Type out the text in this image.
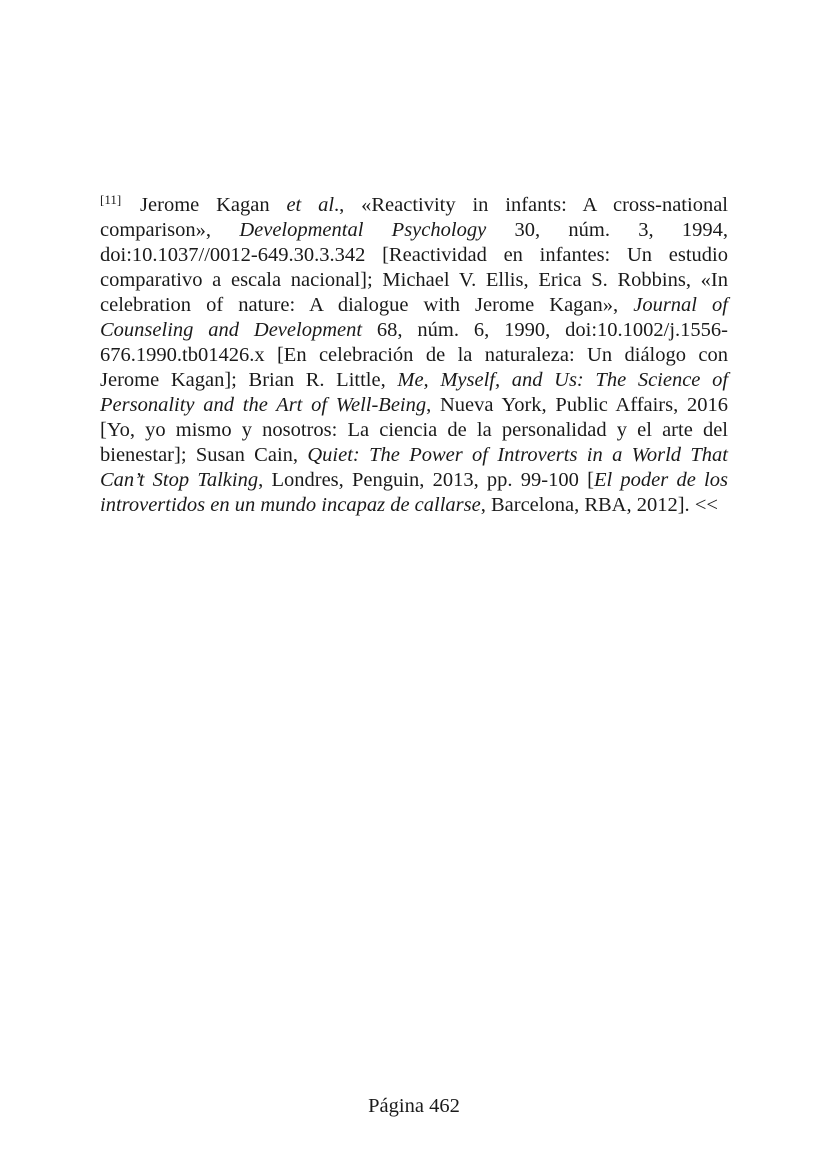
[11] Jerome Kagan et al., «Reactivity in infants: A cross-national comparison», Developmental Psychology 30, núm. 3, 1994, doi:10.1037//0012-649.30.3.342 [Reactividad en infantes: Un estudio comparativo a escala nacional]; Michael V. Ellis, Erica S. Robbins, «In celebration of nature: A dialogue with Jerome Kagan», Journal of Counseling and Development 68, núm. 6, 1990, doi:10.1002/j.1556-676.1990.tb01426.x [En celebración de la naturaleza: Un diálogo con Jerome Kagan]; Brian R. Little, Me, Myself, and Us: The Science of Personality and the Art of Well-Being, Nueva York, Public Affairs, 2016 [Yo, yo mismo y nosotros: La ciencia de la personalidad y el arte del bienestar]; Susan Cain, Quiet: The Power of Introverts in a World That Can’t Stop Talking, Londres, Penguin, 2013, pp. 99-100 [El poder de los introvertidos en un mundo incapaz de callarse, Barcelona, RBA, 2012]. <<

Página 462
